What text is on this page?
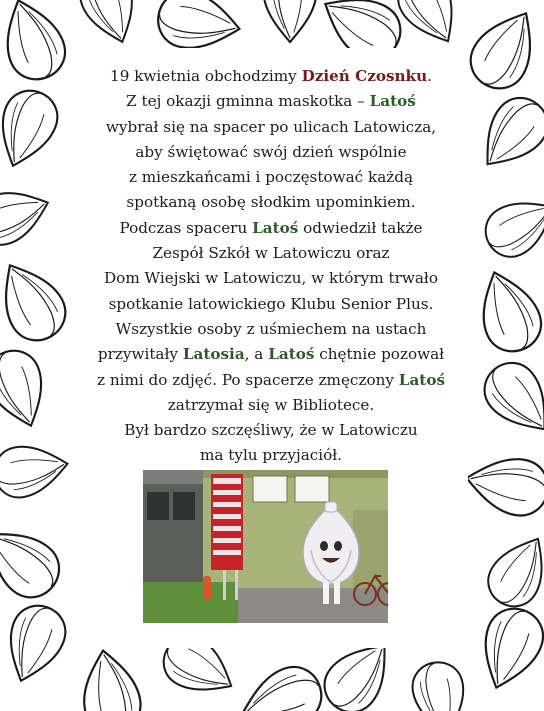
19 kwietnia obchodzimy Dzień Czosnku.
Z tej okazji gminna maskotka – Latoś
wybrał się na spacer po ulicach Latowicza,
aby świętować swój dzień wspólnie
z mieszkańcami i poczęstować każdą
spotkaną osobę słodkim upominkiem.
Podczas spaceru Latoś odwiedził także
Zespół Szkół w Latowiczu oraz
Dom Wiejski w Latowiczu, w którym trwało
spotkanie latowickiego Klubu Senior Plus.
Wszystkie osoby z uśmiechem na ustach
przywitały Latosia, a Latoś chętnie pozował
z nimi do zdjęć. Po spacerze zmęczony Latoś
zatrzymał się w Bibliotece.
Był bardzo szczęśliwy, że w Latowiczu
ma tylu przyjaciół.
